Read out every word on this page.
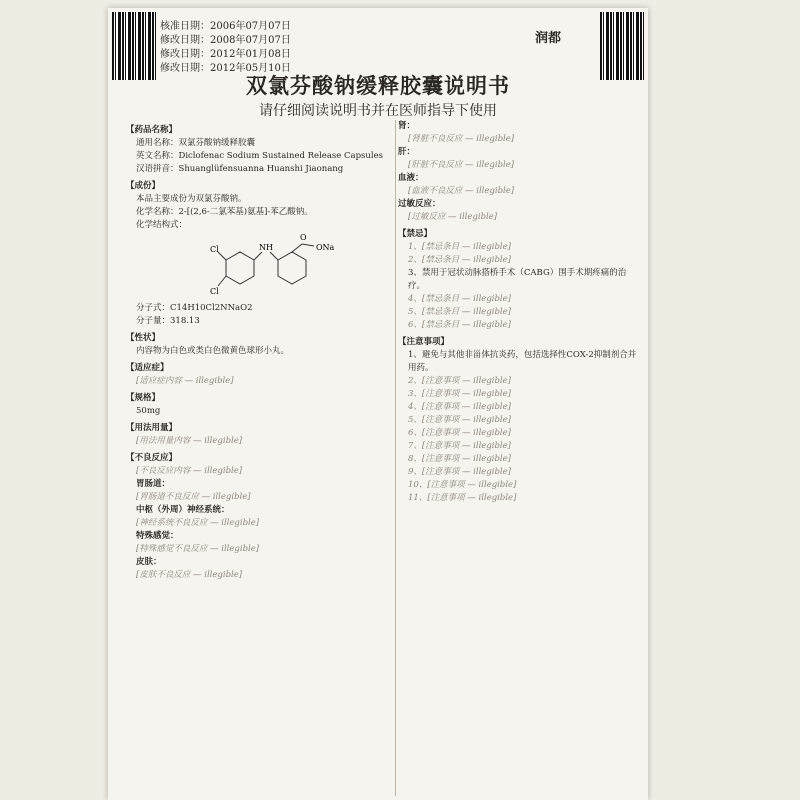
润都
核准日期：2006年07月07日
修改日期：2008年07月07日
修改日期：2012年01月08日
修改日期：2012年05月10日
双氯芬酸钠缓释胶囊说明书
请仔细阅读说明书并在医师指导下使用
【药品名称】
通用名称：双氯芬酸钠缓释胶囊
英文名称：Diclofenac Sodium Sustained Release Capsules
汉语拼音：Shuanglüfensuanna Huanshi Jiaonang
【成份】
本品主要成份为双氯芬酸钠。
化学名称：2-[(2,6-二氯苯基)氨基]-苯乙酸钠。
化学结构式：
Cl	NH
Cl
ONa
O
分子式：C14H10Cl2NNaO2
分子量：318.13
【性状】
内容物为白色或类白色微黄色球形小丸。
【适应症】
[适应症内容 — illegible]
【规格】
50mg
【用法用量】
[用法用量内容 — illegible]
【不良反应】
[不良反应内容 — illegible]
胃肠道：
[胃肠道不良反应 — illegible]
中枢（外周）神经系统：
[神经系统不良反应 — illegible]
特殊感觉：
[特殊感觉不良反应 — illegible]
皮肤：
[皮肤不良反应 — illegible]
肾：
[肾脏不良反应 — illegible]
肝：
[肝脏不良反应 — illegible]
血液：
[血液不良反应 — illegible]
过敏反应：
[过敏反应 — illegible]
【禁忌】
1、[禁忌条目 — illegible]
2、[禁忌条目 — illegible]
3、禁用于冠状动脉搭桥手术（CABG）围手术期疼痛的治疗。
4、[禁忌条目 — illegible]
5、[禁忌条目 — illegible]
6、[禁忌条目 — illegible]
【注意事项】
1、避免与其他非甾体抗炎药，包括选择性COX-2抑制剂合并用药。
2、[注意事项 — illegible]
3、[注意事项 — illegible]
4、[注意事项 — illegible]
5、[注意事项 — illegible]
6、[注意事项 — illegible]
7、[注意事项 — illegible]
8、[注意事项 — illegible]
9、[注意事项 — illegible]
10、[注意事项 — illegible]
11、[注意事项 — illegible]
